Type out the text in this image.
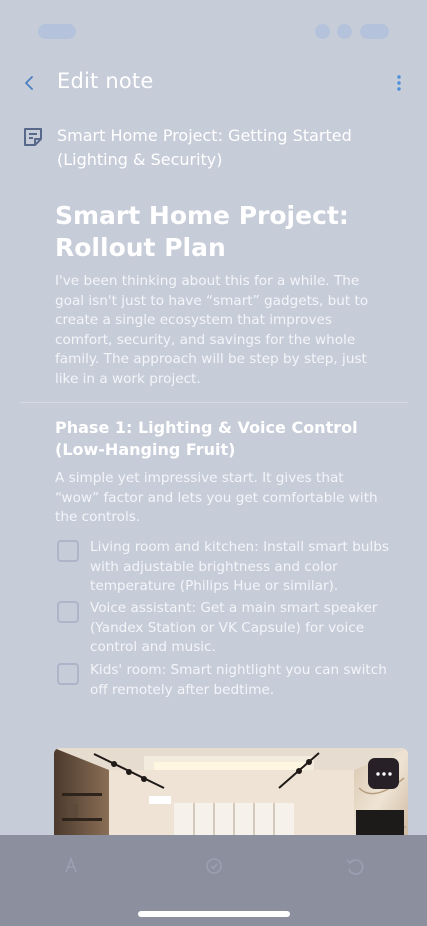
Edit note
Smart Home Project: Getting Started (Lighting & Security)
Smart Home Project: Rollout Plan
I've been thinking about this for a while. The goal isn't just to have “smart” gadgets, but to create a single ecosystem that improves comfort, security, and savings for the whole family. The approach will be step by step, just like in a work project.
Phase 1: Lighting & Voice Control (Low-Hanging Fruit)
A simple yet impressive start. It gives that “wow” factor and lets you get comfortable with the controls.
Living room and kitchen: Install smart bulbs with adjustable brightness and color temperature (Philips Hue or similar).
Voice assistant: Get a main smart speaker (Yandex Station or VK Capsule) for voice control and music.
Kids' room: Smart nightlight you can switch off remotely after bedtime.
